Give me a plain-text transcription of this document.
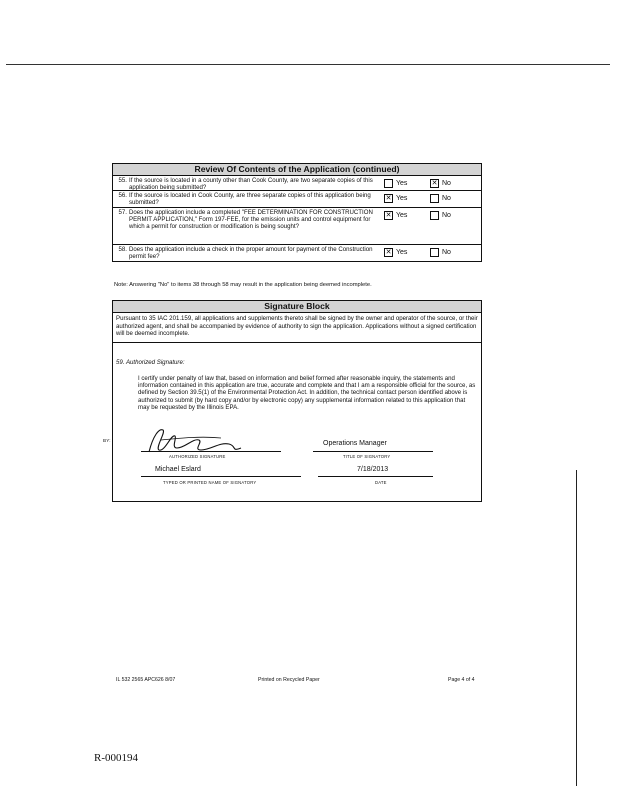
Review Of Contents of the Application (continued)
55. If the source is located in a county other than Cook County, are two separate copies of this application being submitted?
Yes
✕	No
56. If the source is located in Cook County, are three separate copies of this application being submitted?
✕
Yes	No
57. Does the application include a completed "FEE DETERMINATION FOR CONSTRUCTION PERMIT APPLICATION," Form 197-FEE, for the emission units and control equipment for which a permit for construction or modification is being sought?
✕
Yes	No
58. Does the application include a check in the proper amount for payment of the Construction permit fee?
✕
Yes	No
Note: Answering "No" to items 38 through 58 may result in the application being deemed incomplete.
Signature Block
Pursuant to 35 IAC 201.159, all applications and supplements thereto shall be signed by the owner and operator of the source, or their authorized agent, and shall be accompanied by evidence of authority to sign the application. Applications without a signed certification will be deemed incomplete.
59. Authorized Signature:
I certify under penalty of law that, based on information and belief formed after reasonable inquiry, the statements and information contained in this application are true, accurate and complete and that I am a responsible official for the source, as defined by Section 39.5(1) of the Environmental Protection Act. In addition, the technical contact person identified above is authorized to submit (by hard copy and/or by electronic copy) any supplemental information related to this application that may be requested by the Illinois EPA.
BY:
AUTHORIZED SIGNATURE
Operations Manager
TITLE OF SIGNATORY
Michael Eslard
TYPED OR PRINTED NAME OF SIGNATORY
7/18/2013
DATE
IL 532 2565 APC626 8/07	Printed on Recycled Paper	Page 4 of 4
R-000194
